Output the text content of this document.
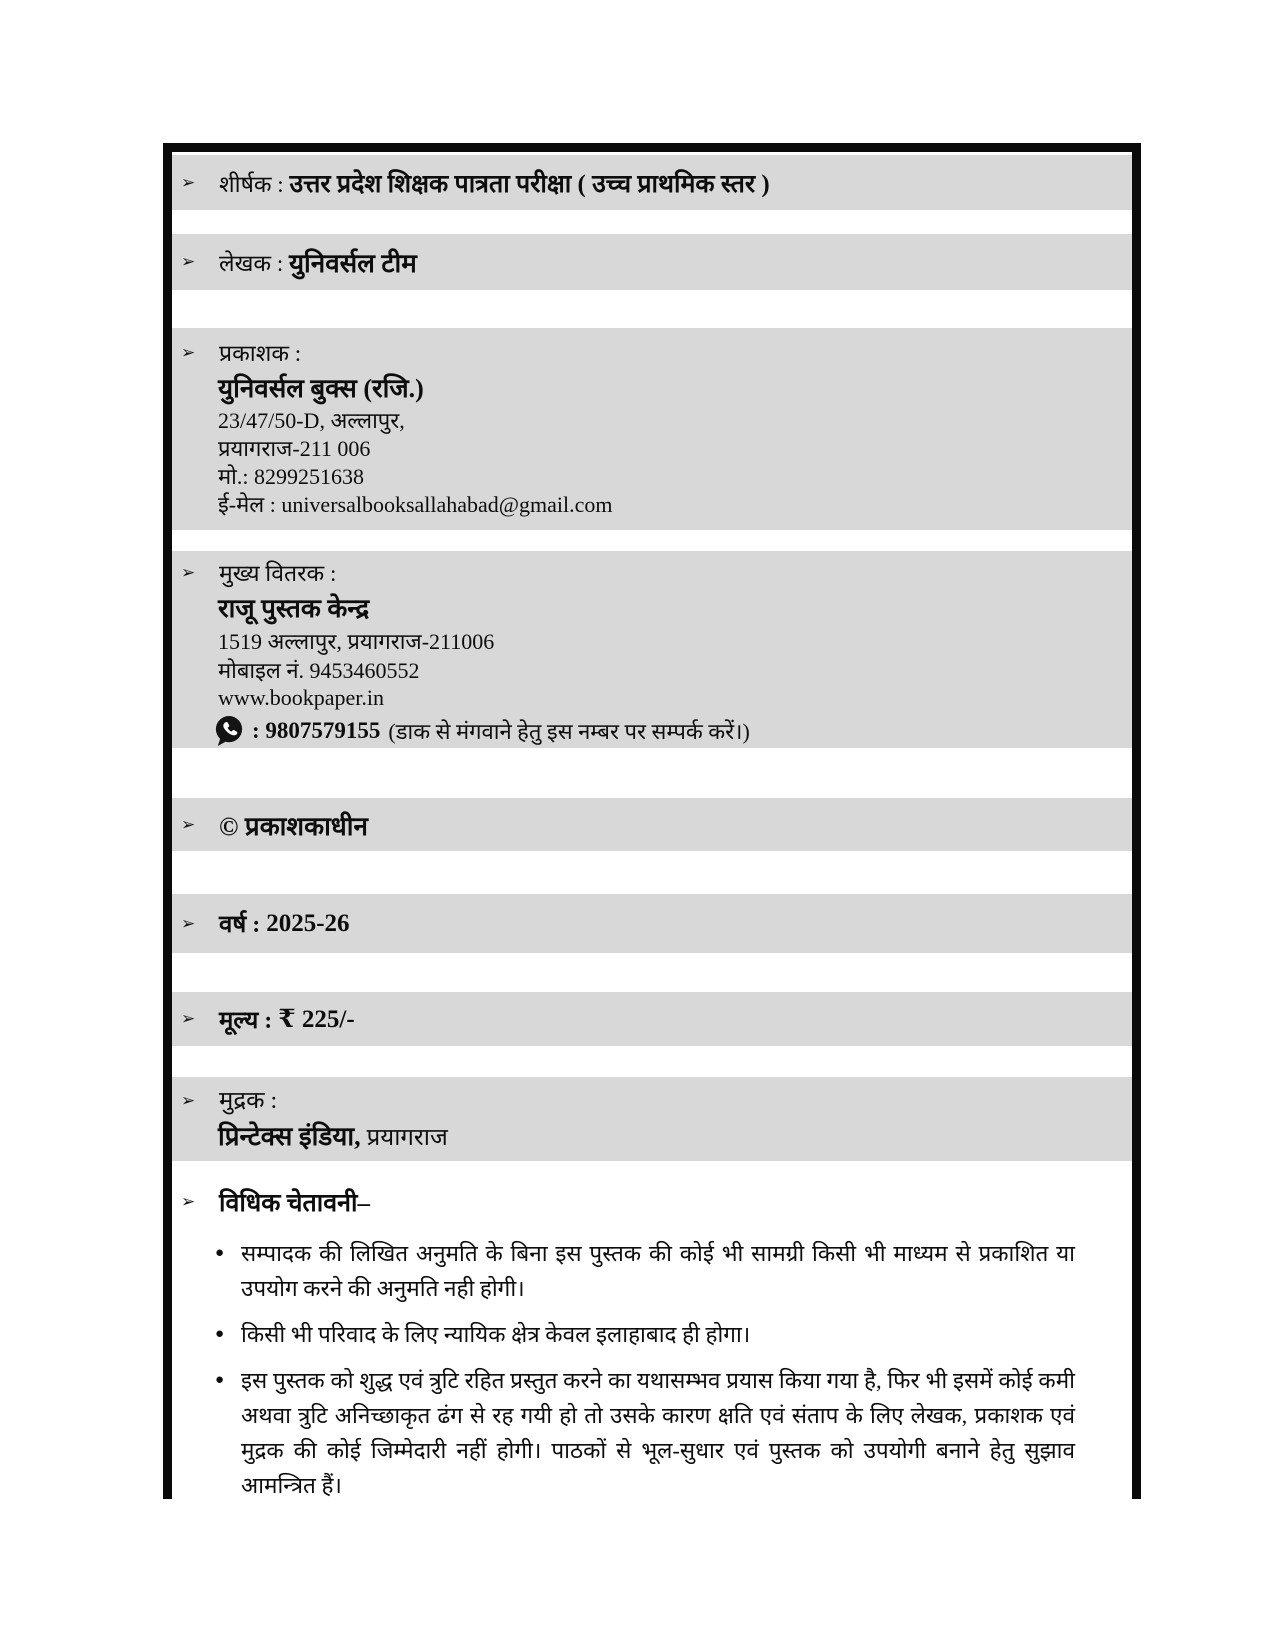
➢	शीर्षक : उत्तर प्रदेश शिक्षक पात्रता परीक्षा ( उच्च प्राथमिक स्तर )
➢	लेखक : युनिवर्सल टीम
➢	प्रकाशक :
युनिवर्सल बुक्स (रजि.)
23/47/50-D, अल्लापुर,
प्रयागराज-211 006
मो.: 8299251638
ई-मेल : universalbooksallahabad@gmail.com
➢	मुख्य वितरक :
राजू पुस्तक केन्द्र
1519 अल्लापुर, प्रयागराज-211006
मोबाइल नं. 9453460552
www.bookpaper.in
: 9807579155 (डाक से मंगवाने हेतु इस नम्बर पर सम्पर्क करें।)
➢ © प्रकाशकाधीन
➢ वर्ष : 2025-26
➢ मूल्य : ₹ 225/-
➢ मुद्रक :
प्रिन्टेक्स इंडिया, प्रयागराज
➢ विधिक चेतावनी–
● सम्पादक की लिखित अनुमति के बिना इस पुस्तक की कोई भी सामग्री किसी भी माध्यम से प्रकाशित या उपयोग करने की अनुमति नही होगी।
● किसी भी परिवाद के लिए न्यायिक क्षेत्र केवल इलाहाबाद ही होगा।
● इस पुस्तक को शुद्ध एवं त्रुटि रहित प्रस्तुत करने का यथासम्भव प्रयास किया गया है, फिर भी इसमें कोई कमी अथवा त्रुटि अनिच्छाकृत ढंग से रह गयी हो तो उसके कारण क्षति एवं संताप के लिए लेखक, प्रकाशक एवं मुद्रक की कोई जिम्मेदारी नहीं होगी। पाठकों से भूल-सुधार एवं पुस्तक को उपयोगी बनाने हेतु सुझाव आमन्त्रित हैं।
